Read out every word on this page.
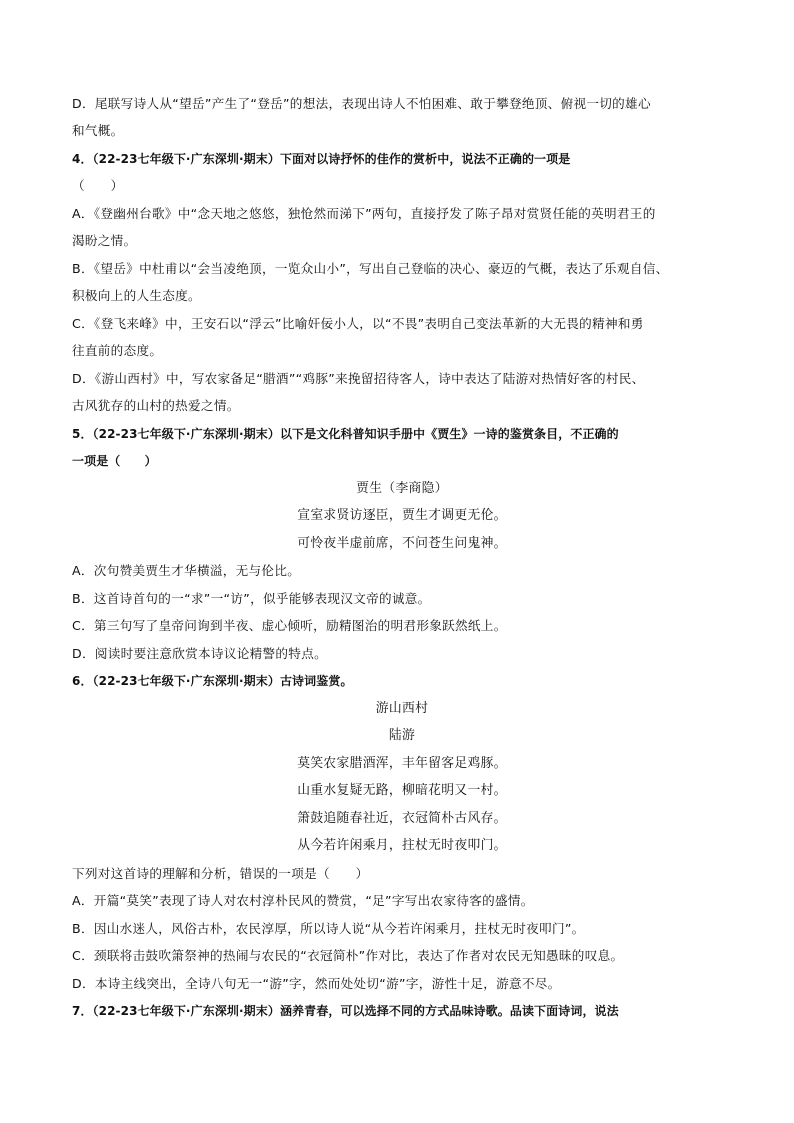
D．尾联写诗人从“望岳”产生了“登岳”的想法，表现出诗人不怕困难、敢于攀登绝顶、俯视一切的雄心
和气概。
4．（22-23七年级下·广东深圳·期末）下面对以诗抒怀的佳作的赏析中，说法不正确的一项是
（　　）
A．《登幽州台歌》中“念天地之悠悠，独怆然而涕下”两句，直接抒发了陈子昂对赏贤任能的英明君王的
渴盼之情。
B．《望岳》中杜甫以“会当凌绝顶，一览众山小”，写出自己登临的决心、豪迈的气概，表达了乐观自信、
积极向上的人生态度。
C．《登飞来峰》中，王安石以“浮云”比喻奸佞小人，以“不畏”表明自己变法革新的大无畏的精神和勇
往直前的态度。
D．《游山西村》中，写农家备足“腊酒”“鸡豚”来挽留招待客人，诗中表达了陆游对热情好客的村民、
古风犹存的山村的热爱之情。
5．（22-23七年级下·广东深圳·期末）以下是文化科普知识手册中《贾生》一诗的鉴赏条目，不正确的
一项是（　　）
贾生（李商隐）
宣室求贤访逐臣，贾生才调更无伦。
可怜夜半虚前席，不问苍生问鬼神。
A．次句赞美贾生才华横溢，无与伦比。
B．这首诗首句的一“求”一“访”，似乎能够表现汉文帝的诚意。
C．第三句写了皇帝问询到半夜、虚心倾听，励精图治的明君形象跃然纸上。
D．阅读时要注意欣赏本诗议论精警的特点。
6．（22-23七年级下·广东深圳·期末）古诗词鉴赏。
游山西村
陆游
莫笑农家腊酒浑，丰年留客足鸡豚。
山重水复疑无路，柳暗花明又一村。
箫鼓追随春社近，衣冠简朴古风存。
从今若许闲乘月，拄杖无时夜叩门。
下列对这首诗的理解和分析，错误的一项是（　　）
A．开篇“莫笑”表现了诗人对农村淳朴民风的赞赏，“足”字写出农家待客的盛情。
B．因山水迷人，风俗古朴，农民淳厚，所以诗人说“从今若许闲乘月，拄杖无时夜叩门”。
C．颈联将击鼓吹箫祭神的热闹与农民的“衣冠简朴”作对比，表达了作者对农民无知愚昧的叹息。
D．本诗主线突出，全诗八句无一“游”字，然而处处切“游”字，游性十足，游意不尽。
7．（22-23七年级下·广东深圳·期末）涵养青春，可以选择不同的方式品味诗歌。品读下面诗词，说法
